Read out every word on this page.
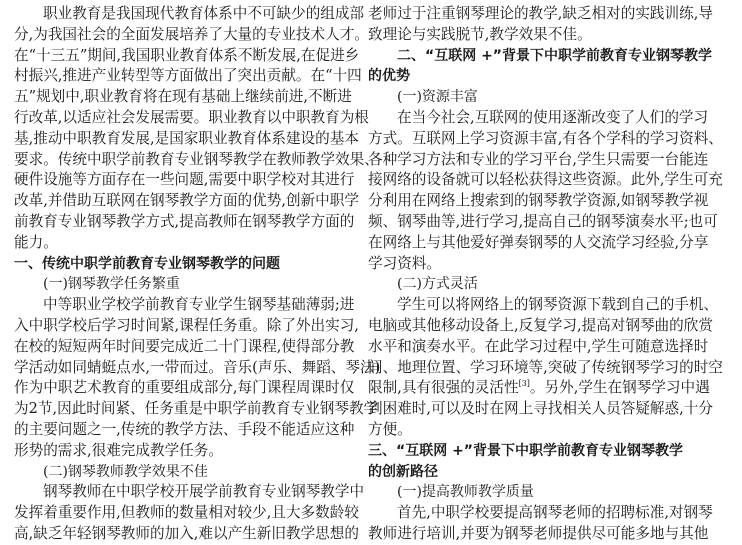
职业教育是我国现代教育体系中不可缺少的组成部
分,为我国社会的全面发展培养了大量的专业技术人才。
在“十三五”期间,我国职业教育体系不断发展,在促进乡
村振兴,推进产业转型等方面做出了突出贡献。在“十四
五”规划中,职业教育将在现有基础上继续前进,不断进
行改革,以适应社会发展需要。职业教育以中职教育为根
基,推动中职教育发展,是国家职业教育体系建设的基本
要求。传统中职学前教育专业钢琴教学在教师教学效果、
硬件设施等方面存在一些问题,需要中职学校对其进行
改革,并借助互联网在钢琴教学方面的优势,创新中职学
前教育专业钢琴教学方式,提高教师在钢琴教学方面的
能力。
一、传统中职学前教育专业钢琴教学的问题
(一)钢琴教学任务繁重
中等职业学校学前教育专业学生钢琴基础薄弱;进
入中职学校后学习时间紧,课程任务重。除了外出实习,
在校的短短两年时间要完成近二十门课程,使得部分教
学活动如同蜻蜓点水,一带而过。音乐(声乐、舞蹈、琴法)
作为中职艺术教育的重要组成部分,每门课程周课时仅
为2节,因此时间紧、任务重是中职学前教育专业钢琴教学
的主要问题之一,传统的教学方法、手段不能适应这种
形势的需求,很难完成教学任务。
(二)钢琴教师教学效果不佳
钢琴教师在中职学校开展学前教育专业钢琴教学中
发挥着重要作用,但教师的数量相对较少,且大多数龄较
高,缺乏年轻钢琴教师的加入,难以产生新旧教学思想的
老师过于注重钢琴理论的教学,缺乏相对的实践训练,导
致理论与实践脱节,教学效果不佳。
二、“互联网 +”背景下中职学前教育专业钢琴教学
的优势
(一)资源丰富
在当今社会,互联网的使用逐渐改变了人们的学习
方式。互联网上学习资源丰富,有各个学科的学习资料、
各种学习方法和专业的学习平台,学生只需要一台能连
接网络的设备就可以轻松获得这些资源。此外,学生可充
分利用在网络上搜索到的钢琴教学资源,如钢琴教学视
频、钢琴曲等,进行学习,提高自己的钢琴演奏水平;也可
在网络上与其他爱好弹奏钢琴的人交流学习经验,分享
学习资料。
(二)方式灵活
学生可以将网络上的钢琴资源下载到自己的手机、
电脑或其他移动设备上,反复学习,提高对钢琴曲的欣赏
水平和演奏水平。在此学习过程中,学生可随意选择时
间、地理位置、学习环境等,突破了传统钢琴学习的时空
限制,具有很强的灵活性[3]。另外,学生在钢琴学习中遇
到困难时,可以及时在网上寻找相关人员答疑解惑,十分
方便。
三、“互联网 +”背景下中职学前教育专业钢琴教学
的创新路径
(一)提高教师教学质量
首先,中职学校要提高钢琴老师的招聘标准,对钢琴
教师进行培训,并要为钢琴老师提供尽可能多地与其他
